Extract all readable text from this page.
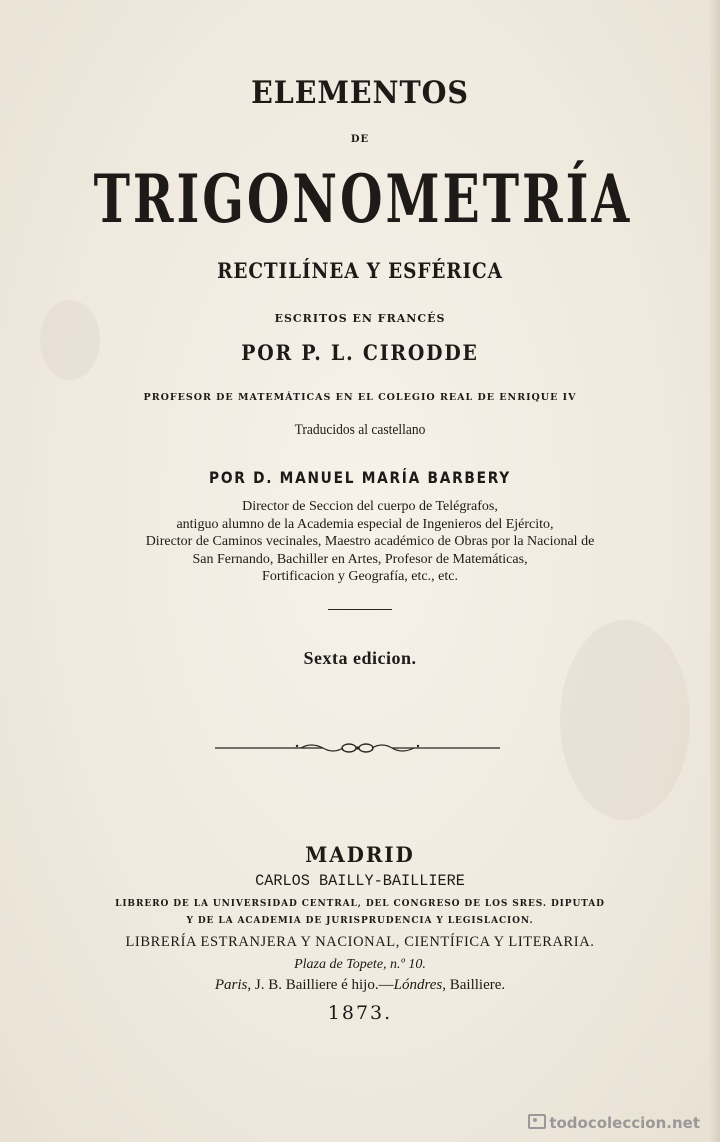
ELEMENTOS
DE
TRIGONOMETRÍA
RECTILÍNEA Y ESFÉRICA
ESCRITOS EN FRANCÉS
POR P. L. CIRODDE
PROFESOR DE MATEMÁTICAS EN EL COLEGIO REAL DE ENRIQUE IV
Traducidos al castellano
POR D. MANUEL MARÍA BARBERY
Director de Seccion del cuerpo de Telégrafos,
antiguo alumno de la Academia especial de Ingenieros del Ejército,
Director de Caminos vecinales, Maestro académico de Obras por la Nacional de
San Fernando, Bachiller en Artes, Profesor de Matemáticas,
Fortificacion y Geografía, etc., etc.
Sexta edicion.
MADRID
CARLOS BAILLY-BAILLIERE
LIBRERO DE LA UNIVERSIDAD CENTRAL, DEL CONGRESO DE LOS SRES. DIPUTAD
Y DE LA ACADEMIA DE JURISPRUDENCIA Y LEGISLACION.
LIBRERÍA ESTRANJERA Y NACIONAL, CIENTÍFICA Y LITERARIA.
Plaza de Topete, n.º 10.
Paris, J. B. Bailliere é hijo.—Lóndres, Bailliere.
1873.
todocoleccion.net
